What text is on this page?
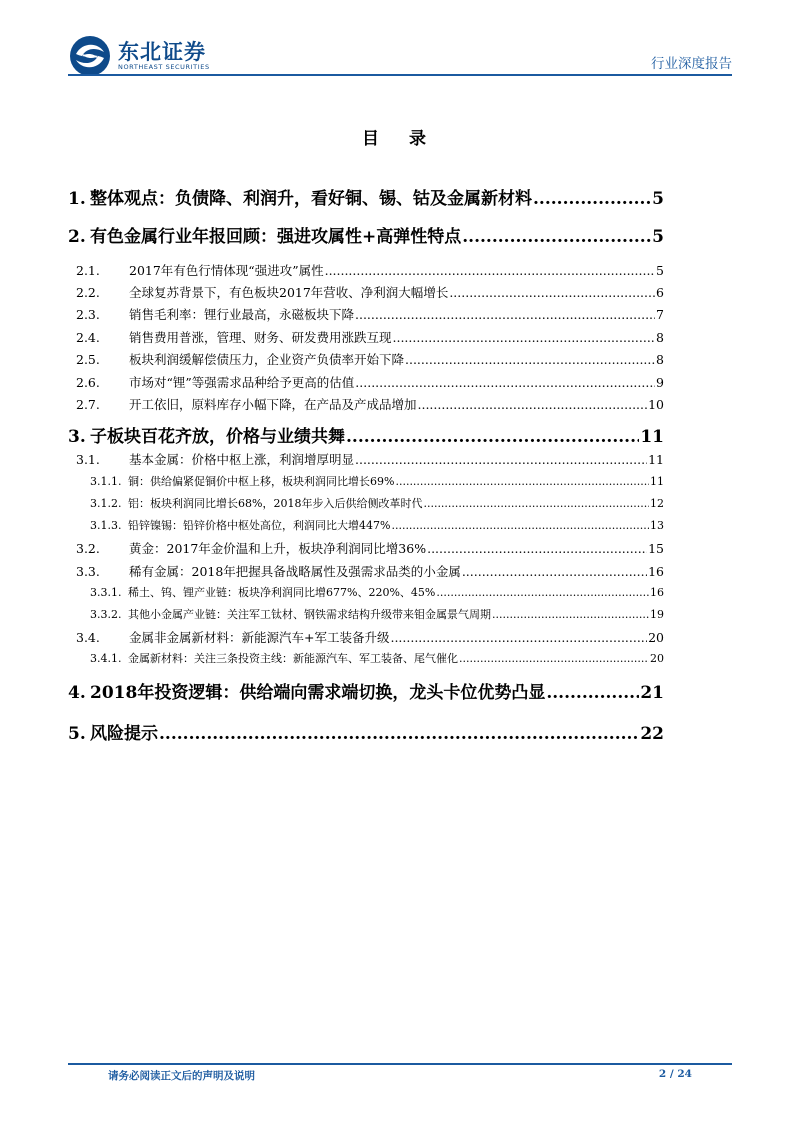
东北证券
NORTHEAST SECURITIES	行业深度报告
目 录
1. 整体观点：负债降、利润升，看好铜、锡、钴及金属新材料 .....	5
2. 有色金属行业年报回顾：强进攻属性+高弹性特点 .....	5
2.1.	2017年有色行情体现“强进攻”属性 .....	5
2.2.	全球复苏背景下，有色板块2017年营收、净利润大幅增长 .....	6
2.3.	销售毛利率：锂行业最高，永磁板块下降 .....	7
2.4.	销售费用普涨，管理、财务、研发费用涨跌互现 .....	8
2.5.	板块利润缓解偿债压力，企业资产负债率开始下降 .....	8
2.6.	市场对“锂”等强需求品种给予更高的估值 .....	9
2.7.	开工依旧，原料库存小幅下降，在产品及产成品增加 .....	10
3. 子板块百花齐放，价格与业绩共舞 .....	11
3.1.	基本金属：价格中枢上涨，利润增厚明显 .....	11
3.1.1. 铜：供给偏紧促铜价中枢上移，板块利润同比增长69% .....	11
3.1.2. 铝：板块利润同比增长68%，2018年步入后供给侧改革时代 .....	12
3.1.3. 铅锌镍锡：铅锌价格中枢处高位，利润同比大增447% .....	13
3.2.	黄金：2017年金价温和上升，板块净利润同比增36% .....	15
3.3.	稀有金属：2018年把握具备战略属性及强需求品类的小金属 .....	16
3.3.1. 稀土、钨、锂产业链：板块净利润同比增677%、220%、45% .....	16
3.3.2. 其他小金属产业链：关注军工钛材、钢铁需求结构升级带来钼金属景气周期 .....	19
3.4.	金属非金属新材料：新能源汽车+军工装备升级 .....	20
3.4.1. 金属新材料：关注三条投资主线：新能源汽车、军工装备、尾气催化 .....	20
4. 2018年投资逻辑：供给端向需求端切换，龙头卡位优势凸显 .....	21
5. 风险提示 .....	22
请务必阅读正文后的声明及说明	2 / 24
